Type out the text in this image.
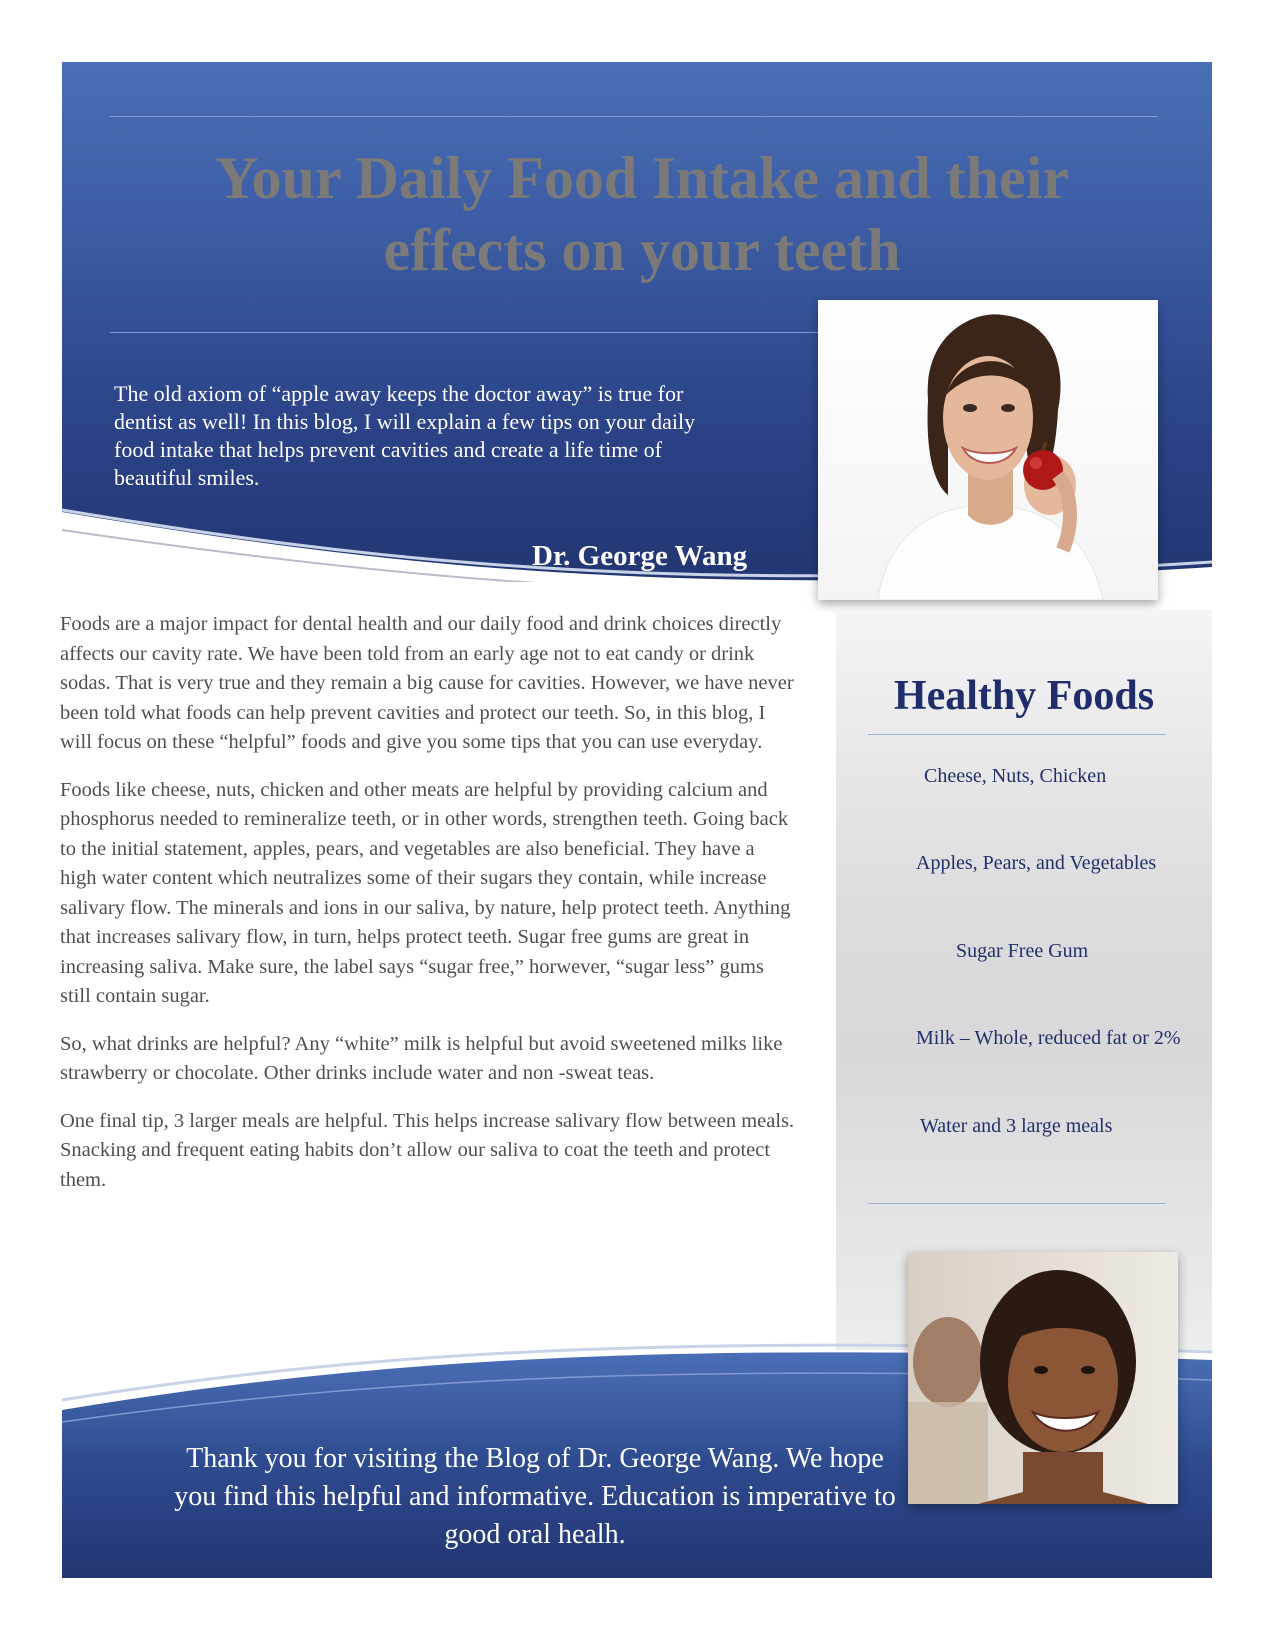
Your Daily Food Intake and their effects on your teeth

The old axiom of “apple away keeps the doctor away” is true for dentist as well! In this blog, I will explain a few tips on your daily food intake that helps prevent cavities and create a life time of beautiful smiles.

Dr. George Wang

Foods are a major impact for dental health and our daily food and drink choices directly affects our cavity rate. We have been told from an early age not to eat candy or drink sodas. That is very true and they remain a big cause for cavities. However, we have never been told what foods can help prevent cavities and protect our teeth. So, in this blog, I will focus on these “helpful” foods and give you some tips that you can use everyday.

Foods like cheese, nuts, chicken and other meats are helpful by providing calcium and phosphorus needed to remineralize teeth, or in other words, strengthen teeth. Going back to the initial statement, apples, pears, and vegetables are also beneficial. They have a high water content which neutralizes some of their sugars they contain, while increase salivary flow. The minerals and ions in our saliva, by nature, help protect teeth. Anything that increases salivary flow, in turn, helps protect teeth. Sugar free gums are great in increasing saliva. Make sure, the label says “sugar free,” horwever, “sugar less” gums still contain sugar.

So, what drinks are helpful? Any “white” milk is helpful but avoid sweetened milks like strawberry or chocolate. Other drinks include water and non -sweat teas.

One final tip, 3 larger meals are helpful. This helps increase salivary flow between meals. Snacking and frequent eating habits don’t allow our saliva to coat the teeth and protect them.

Healthy Foods

Cheese, Nuts, Chicken

Apples, Pears, and Vegetables

Sugar Free Gum

Milk – Whole, reduced fat or 2%

Water and 3 large meals

Thank you for visiting the Blog of Dr. George Wang. We hope you find this helpful and informative. Education is imperative to good oral healh.
